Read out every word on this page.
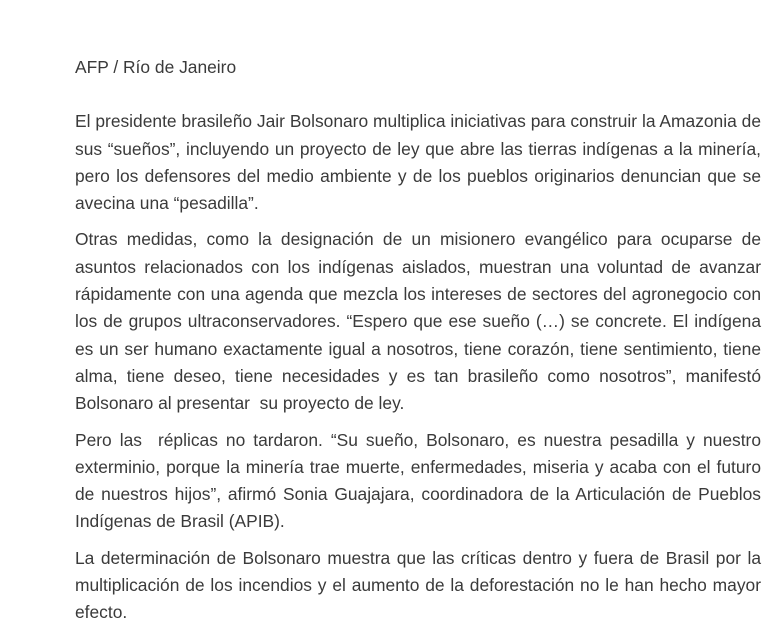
AFP / Río de Janeiro

El presidente brasileño Jair Bolsonaro multiplica iniciativas para construir la Amazonia de sus “sueños”, incluyendo un proyecto de ley que abre las tierras indígenas a la minería, pero los defensores del medio ambiente y de los pueblos originarios denuncian que se avecina una “pesadilla”.

Otras medidas, como la designación de un misionero evangélico para ocuparse de asuntos relacionados con los indígenas aislados, muestran una voluntad de avanzar rápidamente con una agenda que mezcla los intereses de sectores del agronegocio con los de grupos ultraconservadores. “Espero que ese sueño (…) se concrete. El indígena es un ser humano exactamente igual a nosotros, tiene corazón, tiene sentimiento, tiene alma, tiene deseo, tiene necesidades y es tan brasileño como nosotros”, manifestó  Bolsonaro al presentar  su proyecto de ley.

Pero las  réplicas no tardaron. “Su sueño, Bolsonaro, es nuestra pesadilla y nuestro exterminio, porque la minería trae muerte, enfermedades, miseria y acaba con el futuro de nuestros hijos”, afirmó Sonia Guajajara, coordinadora de la Articulación de Pueblos Indígenas de Brasil (APIB).

La determinación de Bolsonaro muestra que las críticas dentro y fuera de Brasil por la multiplicación de los incendios y el aumento de la deforestación no le han hecho mayor efecto.
